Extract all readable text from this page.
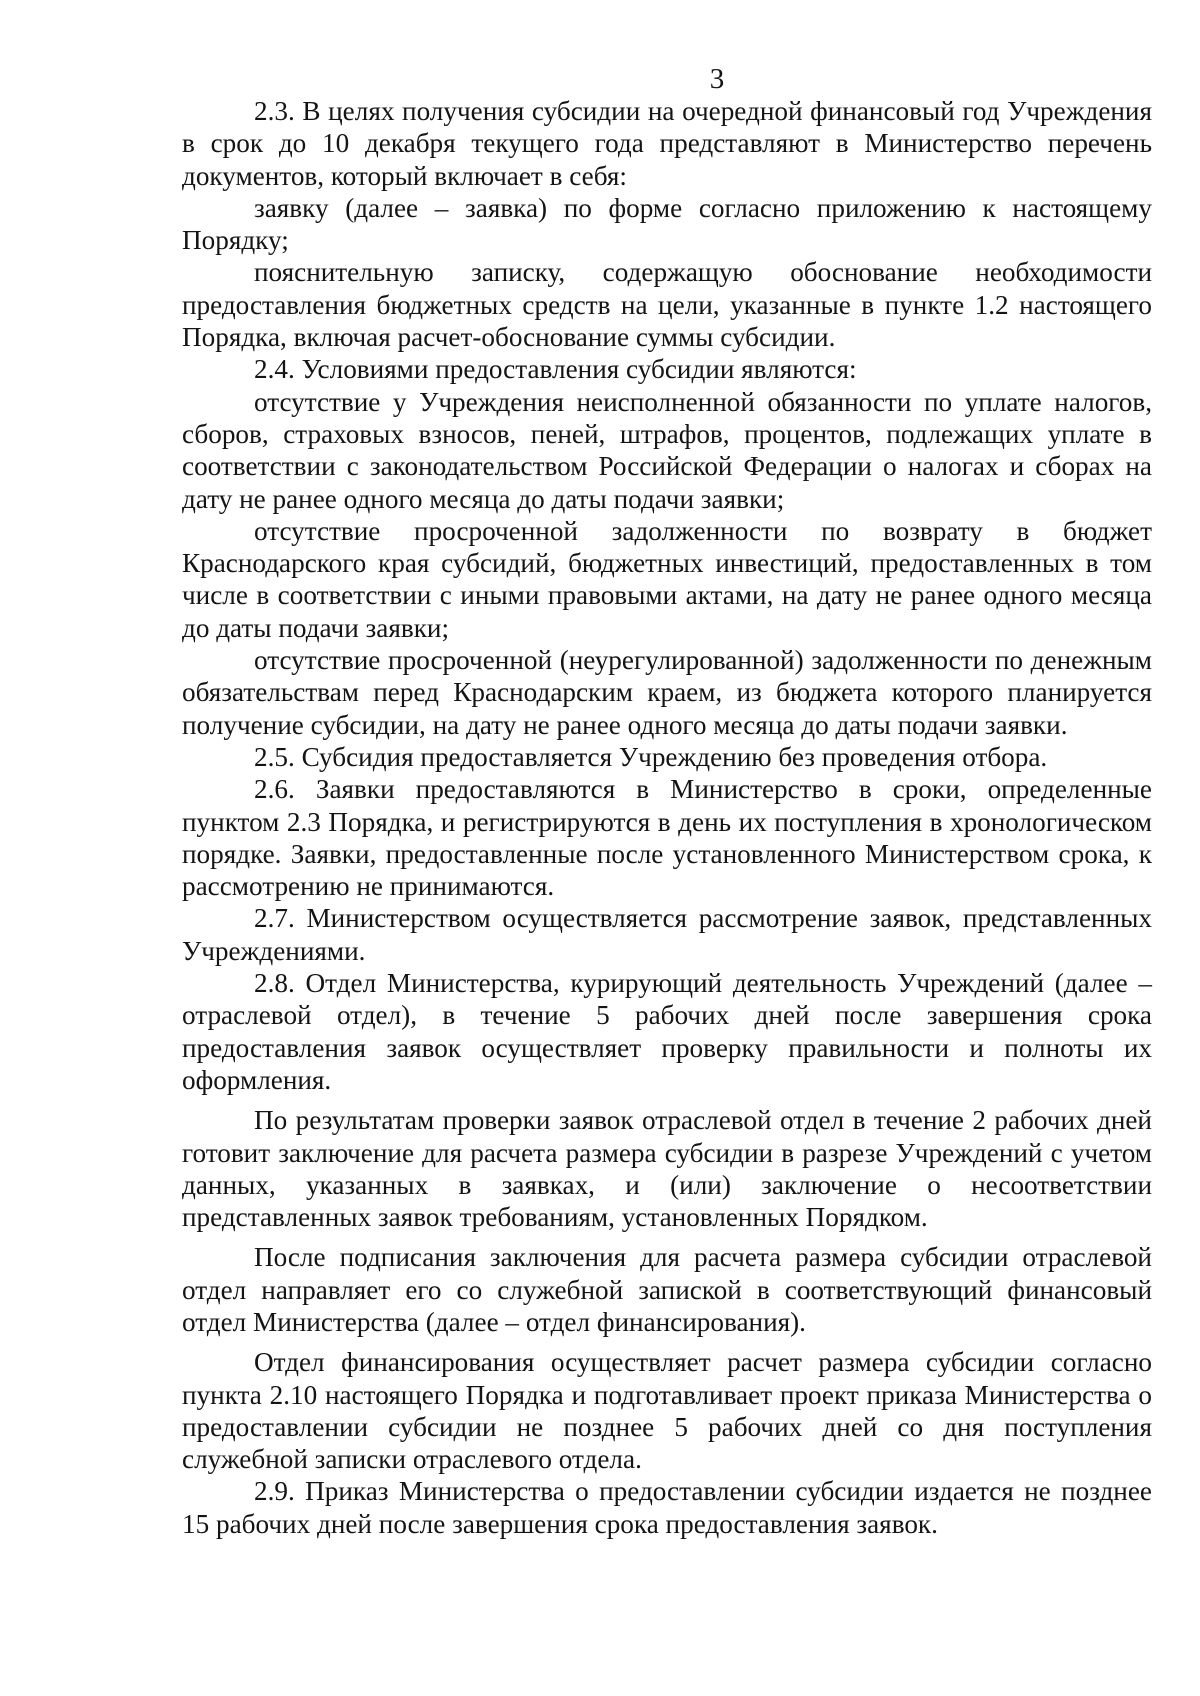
3

2.3. В целях получения субсидии на очередной финансовый год Учреждения в срок до 10 декабря текущего года представляют в Министерство перечень документов, который включает в себя:

заявку (далее – заявка) по форме согласно приложению к настоящему Порядку;

пояснительную записку, содержащую обоснование необходимости предоставления бюджетных средств на цели, указанные в пункте 1.2 настоящего Порядка, включая расчет-обоснование суммы субсидии.

2.4. Условиями предоставления субсидии являются:

отсутствие у Учреждения неисполненной обязанности по уплате налогов, сборов, страховых взносов, пеней, штрафов, процентов, подлежащих уплате в соответствии с законодательством Российской Федерации о налогах и сборах на дату не ранее одного месяца до даты подачи заявки;

отсутствие просроченной задолженности по возврату в бюджет Краснодарского края субсидий, бюджетных инвестиций, предоставленных в том числе в соответствии с иными правовыми актами, на дату не ранее одного месяца до даты подачи заявки;

отсутствие просроченной (неурегулированной) задолженности по денежным обязательствам перед Краснодарским краем, из бюджета которого планируется получение субсидии, на дату не ранее одного месяца до даты подачи заявки.

2.5. Субсидия предоставляется Учреждению без проведения отбора.

2.6. Заявки предоставляются в Министерство в сроки, определенные пунктом 2.3 Порядка, и регистрируются в день их поступления в хронологическом порядке. Заявки, предоставленные после установленного Министерством срока, к рассмотрению не принимаются.

2.7. Министерством осуществляется рассмотрение заявок, представленных Учреждениями.

2.8. Отдел Министерства, курирующий деятельность Учреждений (далее – отраслевой отдел), в течение 5 рабочих дней после завершения срока предоставления заявок осуществляет проверку правильности и полноты их оформления.

По результатам проверки заявок отраслевой отдел в течение 2 рабочих дней готовит заключение для расчета размера субсидии в разрезе Учреждений с учетом данных, указанных в заявках, и (или) заключение о несоответствии представленных заявок требованиям, установленных Порядком.

После подписания заключения для расчета размера субсидии отраслевой отдел направляет его со служебной запиской в соответствующий финансовый отдел Министерства (далее – отдел финансирования).

Отдел финансирования осуществляет расчет размера субсидии согласно пункта 2.10 настоящего Порядка и подготавливает проект приказа Министерства о предоставлении субсидии не позднее 5 рабочих дней со дня поступления служебной записки отраслевого отдела.

2.9. Приказ Министерства о предоставлении субсидии издается не позднее 15 рабочих дней после завершения срока предоставления заявок.
